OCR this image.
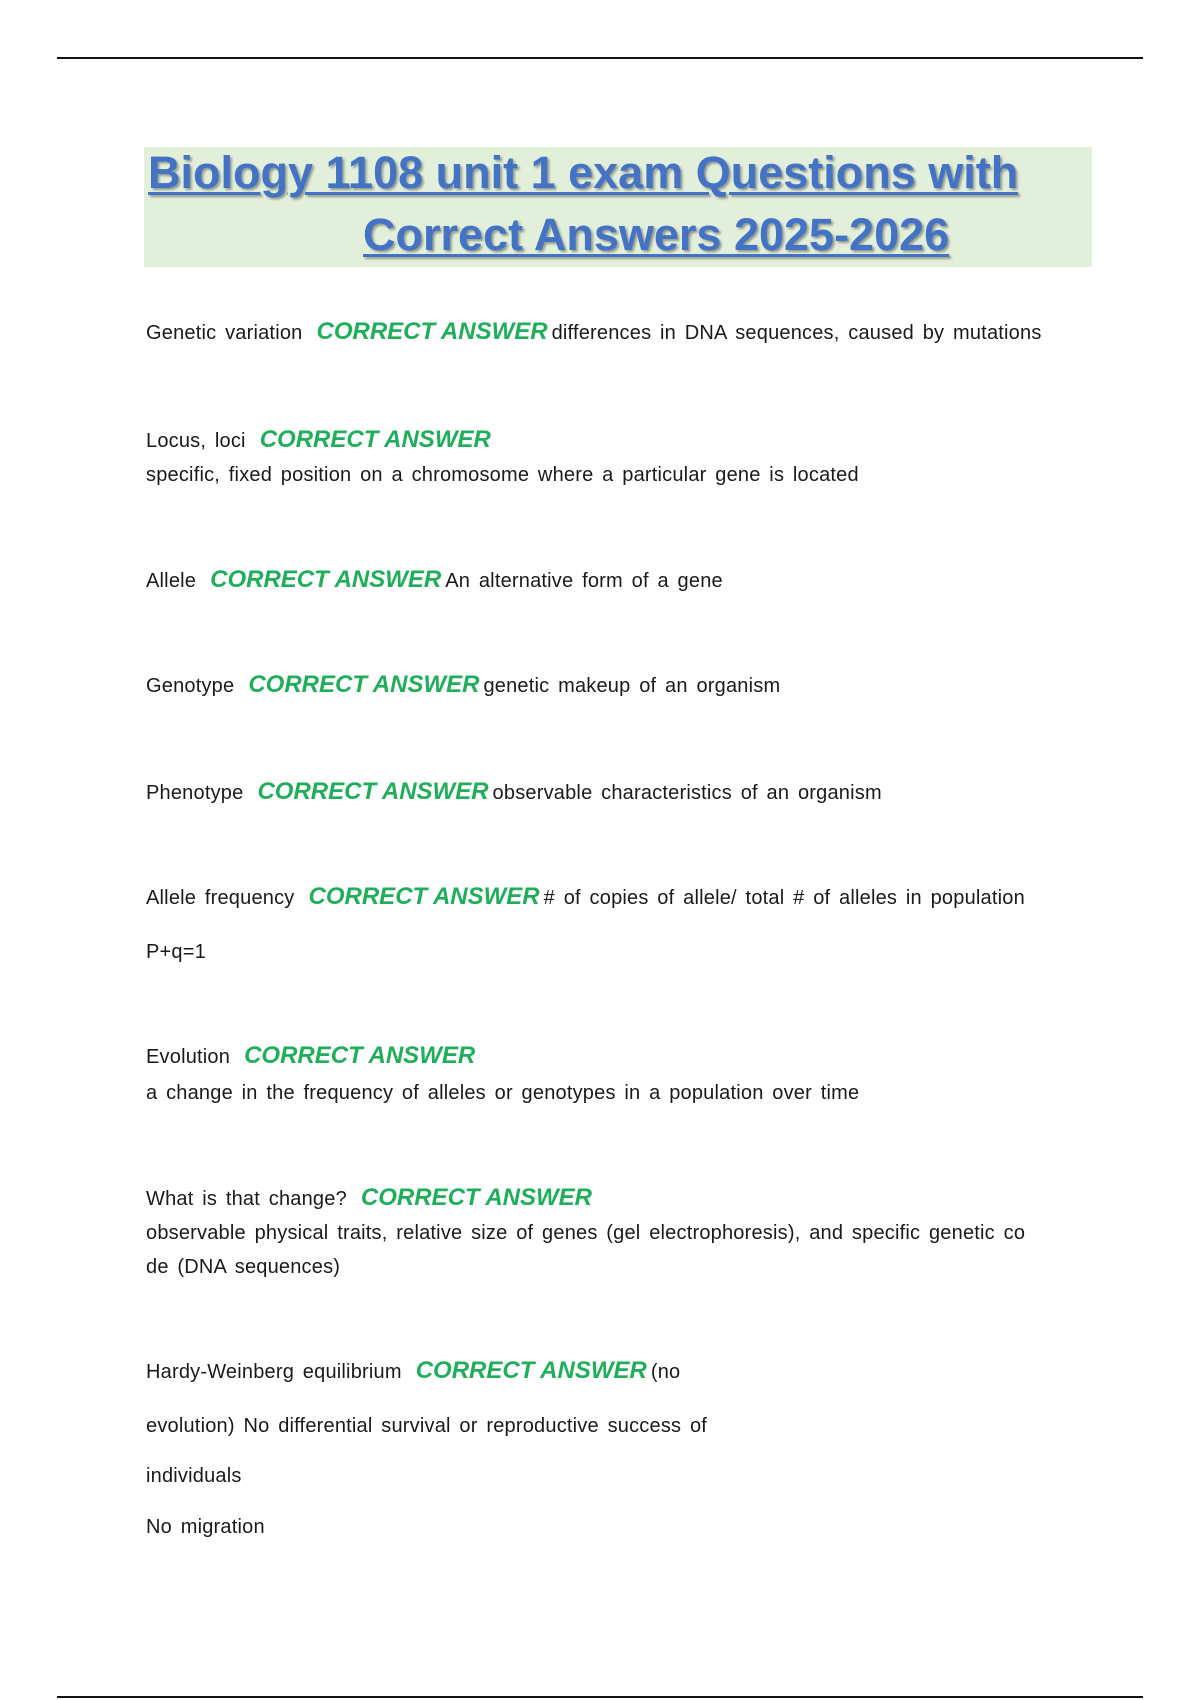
Biology 1108 unit 1 exam Questions with
Correct Answers 2025-2026
Genetic variation CORRECT ANSWER differences in DNA sequences, caused by mutations
Locus, loci CORRECT ANSWER
specific, fixed position on a chromosome where a particular gene is located
Allele CORRECT ANSWER An alternative form of a gene
Genotype CORRECT ANSWER genetic makeup of an organism
Phenotype CORRECT ANSWER observable characteristics of an organism
Allele frequency CORRECT ANSWER # of copies of allele/ total # of alleles in population
P+q=1
Evolution CORRECT ANSWER
a change in the frequency of alleles or genotypes in a population over time
What is that change? CORRECT ANSWER
observable physical traits, relative size of genes (gel electrophoresis), and specific genetic co
de (DNA sequences)
Hardy-Weinberg equilibrium CORRECT ANSWER (no
evolution) No differential survival or reproductive success of
individuals
No migration
